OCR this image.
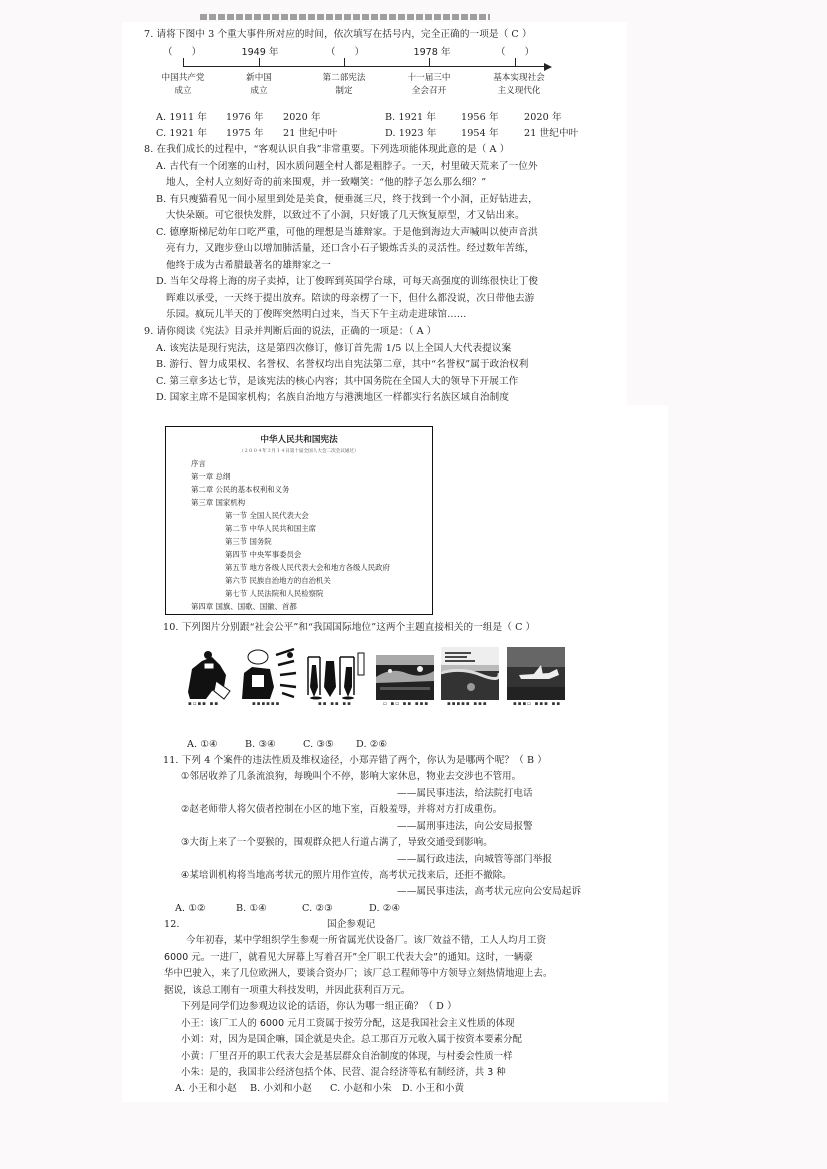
7. 请将下图中 3 个重大事件所对应的时间，依次填写在括号内，完全正确的一项是（ C ）
（　　）	1949 年	（　　）	1978 年	（　　）
中国共产党
成立
新中国
成立
第二部宪法
制定
十一届三中
全会召开
基本实现社会
主义现代化
A. 1911 年 1976 年 2020 年	B. 1921 年	1956 年	2020 年
C. 1921 年 1975 年 21 世纪中叶	D. 1923 年	1954 年	21 世纪中叶
8. 在我们成长的过程中，“客观认识自我”非常重要。下列选项能体现此意的是（ A ）
A. 古代有一个闭塞的山村，因水质问题全村人都是粗脖子。一天，村里破天荒来了一位外
地人，全村人立刻好奇的前来围观，并一致嘲笑：“他的脖子怎么那么细？”
B. 有只瘦猫看见一间小屋里到处是美食，便垂涎三尺，终于找到一个小洞，正好钻进去，
大快朵颐。可它很快发胖，以致过不了小洞，只好饿了几天恢复原型，才又钻出来。
C. 德摩斯梯尼幼年口吃严重，可他的理想是当雄辩家。于是他到海边大声喊叫以使声音洪
亮有力，又跑步登山以增加肺活量，还口含小石子锻炼舌头的灵活性。经过数年苦练，
他终于成为古希腊最著名的雄辩家之一
D. 当年父母将上海的房子卖掉，让丁俊晖到英国学台球，可每天高强度的训练很快让丁俊
晖难以承受，一天终于提出放弃。陪读的母亲楞了一下，但什么都没说，次日带他去游
乐园。疯玩儿半天的丁俊晖突然明白过来，当天下午主动走进球馆……
9. 请你阅读《宪法》目录并判断后面的说法，正确的一项是：（ A ）
A. 该宪法是现行宪法，这是第四次修订，修订首先需 1/5 以上全国人大代表提议案
B. 游行、智力成果权、名誉权、名誉权均出自宪法第二章，其中“名誉权”属于政治权利
C. 第三章多达七节，是该宪法的核心内容；其中国务院在全国人大的领导下开展工作
D. 国家主席不是国家机构；名族自治地方与港澳地区一样都实行名族区域自治制度
中华人民共和国宪法
（２００４年３月１４日第十届全国人大会二次会议通过）
序言
第一章 总纲
第二章 公民的基本权利和义务
第三章 国家机构
第一节 全国人民代表大会
第二节 中华人民共和国主席
第三节 国务院
第四节 中央军事委员会
第五节 地方各级人民代表大会和地方各级人民政府
第六节 民族自治地方的自治机关
第七节 人民法院和人民检察院
第四章 国旗、国歌、国徽、首都
10. 下列图片分别跟“社会公平”和“我国国际地位”这两个主题直接相关的一组是（ C ）
▪▫▪▪ ▪▪	▪▪▪▪▪▪	▪▪ ▪▪ ▪▪	▫ ▪▫ ▪▪ ▪▪▪	▪▪▪▪▪ ▪▪▪	▪▪▪▫ ▪▪▪ ▪▪
A. ①④	B. ③④	C. ③⑤ D. ②⑥
11. 下列 4 个案件的违法性质及维权途径，小郑弄错了两个，你认为是哪两个呢？（ B ）
①邻居收养了几条流浪狗，每晚叫个不停，影响大家休息，物业去交涉也不管用。
——属民事违法，给法院打电话
②赵老师带人将欠债者控制在小区的地下室，百般羞辱，并将对方打成重伤。
——属刑事违法，向公安局报警
③大街上来了一个耍猴的，围观群众把人行道占满了，导致交通受到影响。
——属行政违法，向城管等部门举报
④某培训机构将当地高考状元的照片用作宣传，高考状元找来后，还拒不撤除。
——属民事违法，高考状元应向公安局起诉
A. ①②	B. ①④	C. ②③	D. ②④
12.	国企参观记
今年初春，某中学组织学生参观一所省属光伏设备厂。该厂效益不错，工人人均月工资
6000 元。一进厂，就看见大屏幕上写着召开”全厂职工代表大会”的通知。这时，一辆豪
华中巴驶入，来了几位欧洲人，要谈合资办厂；该厂总工程师等中方领导立刻热情地迎上去。
据说，该总工刚有一项重大科技发明，并因此获利百万元。
下列是同学们边参观边议论的话语，你认为哪一组正确？（ D ）
小王：该厂工人的 6000 元月工资属于按劳分配，这是我国社会主义性质的体现
小刘：对，因为是国企嘛，国企就是央企。总工那百万元收入属于按资本要素分配
小黄：厂里召开的职工代表大会是基层群众自治制度的体现，与村委会性质一样
小朱：是的，我国非公经济包括个体、民营、混合经济等私有制经济，共 3 种
A. 小王和小赵 B. 小刘和小赵 C. 小赵和小朱 D. 小王和小黄
